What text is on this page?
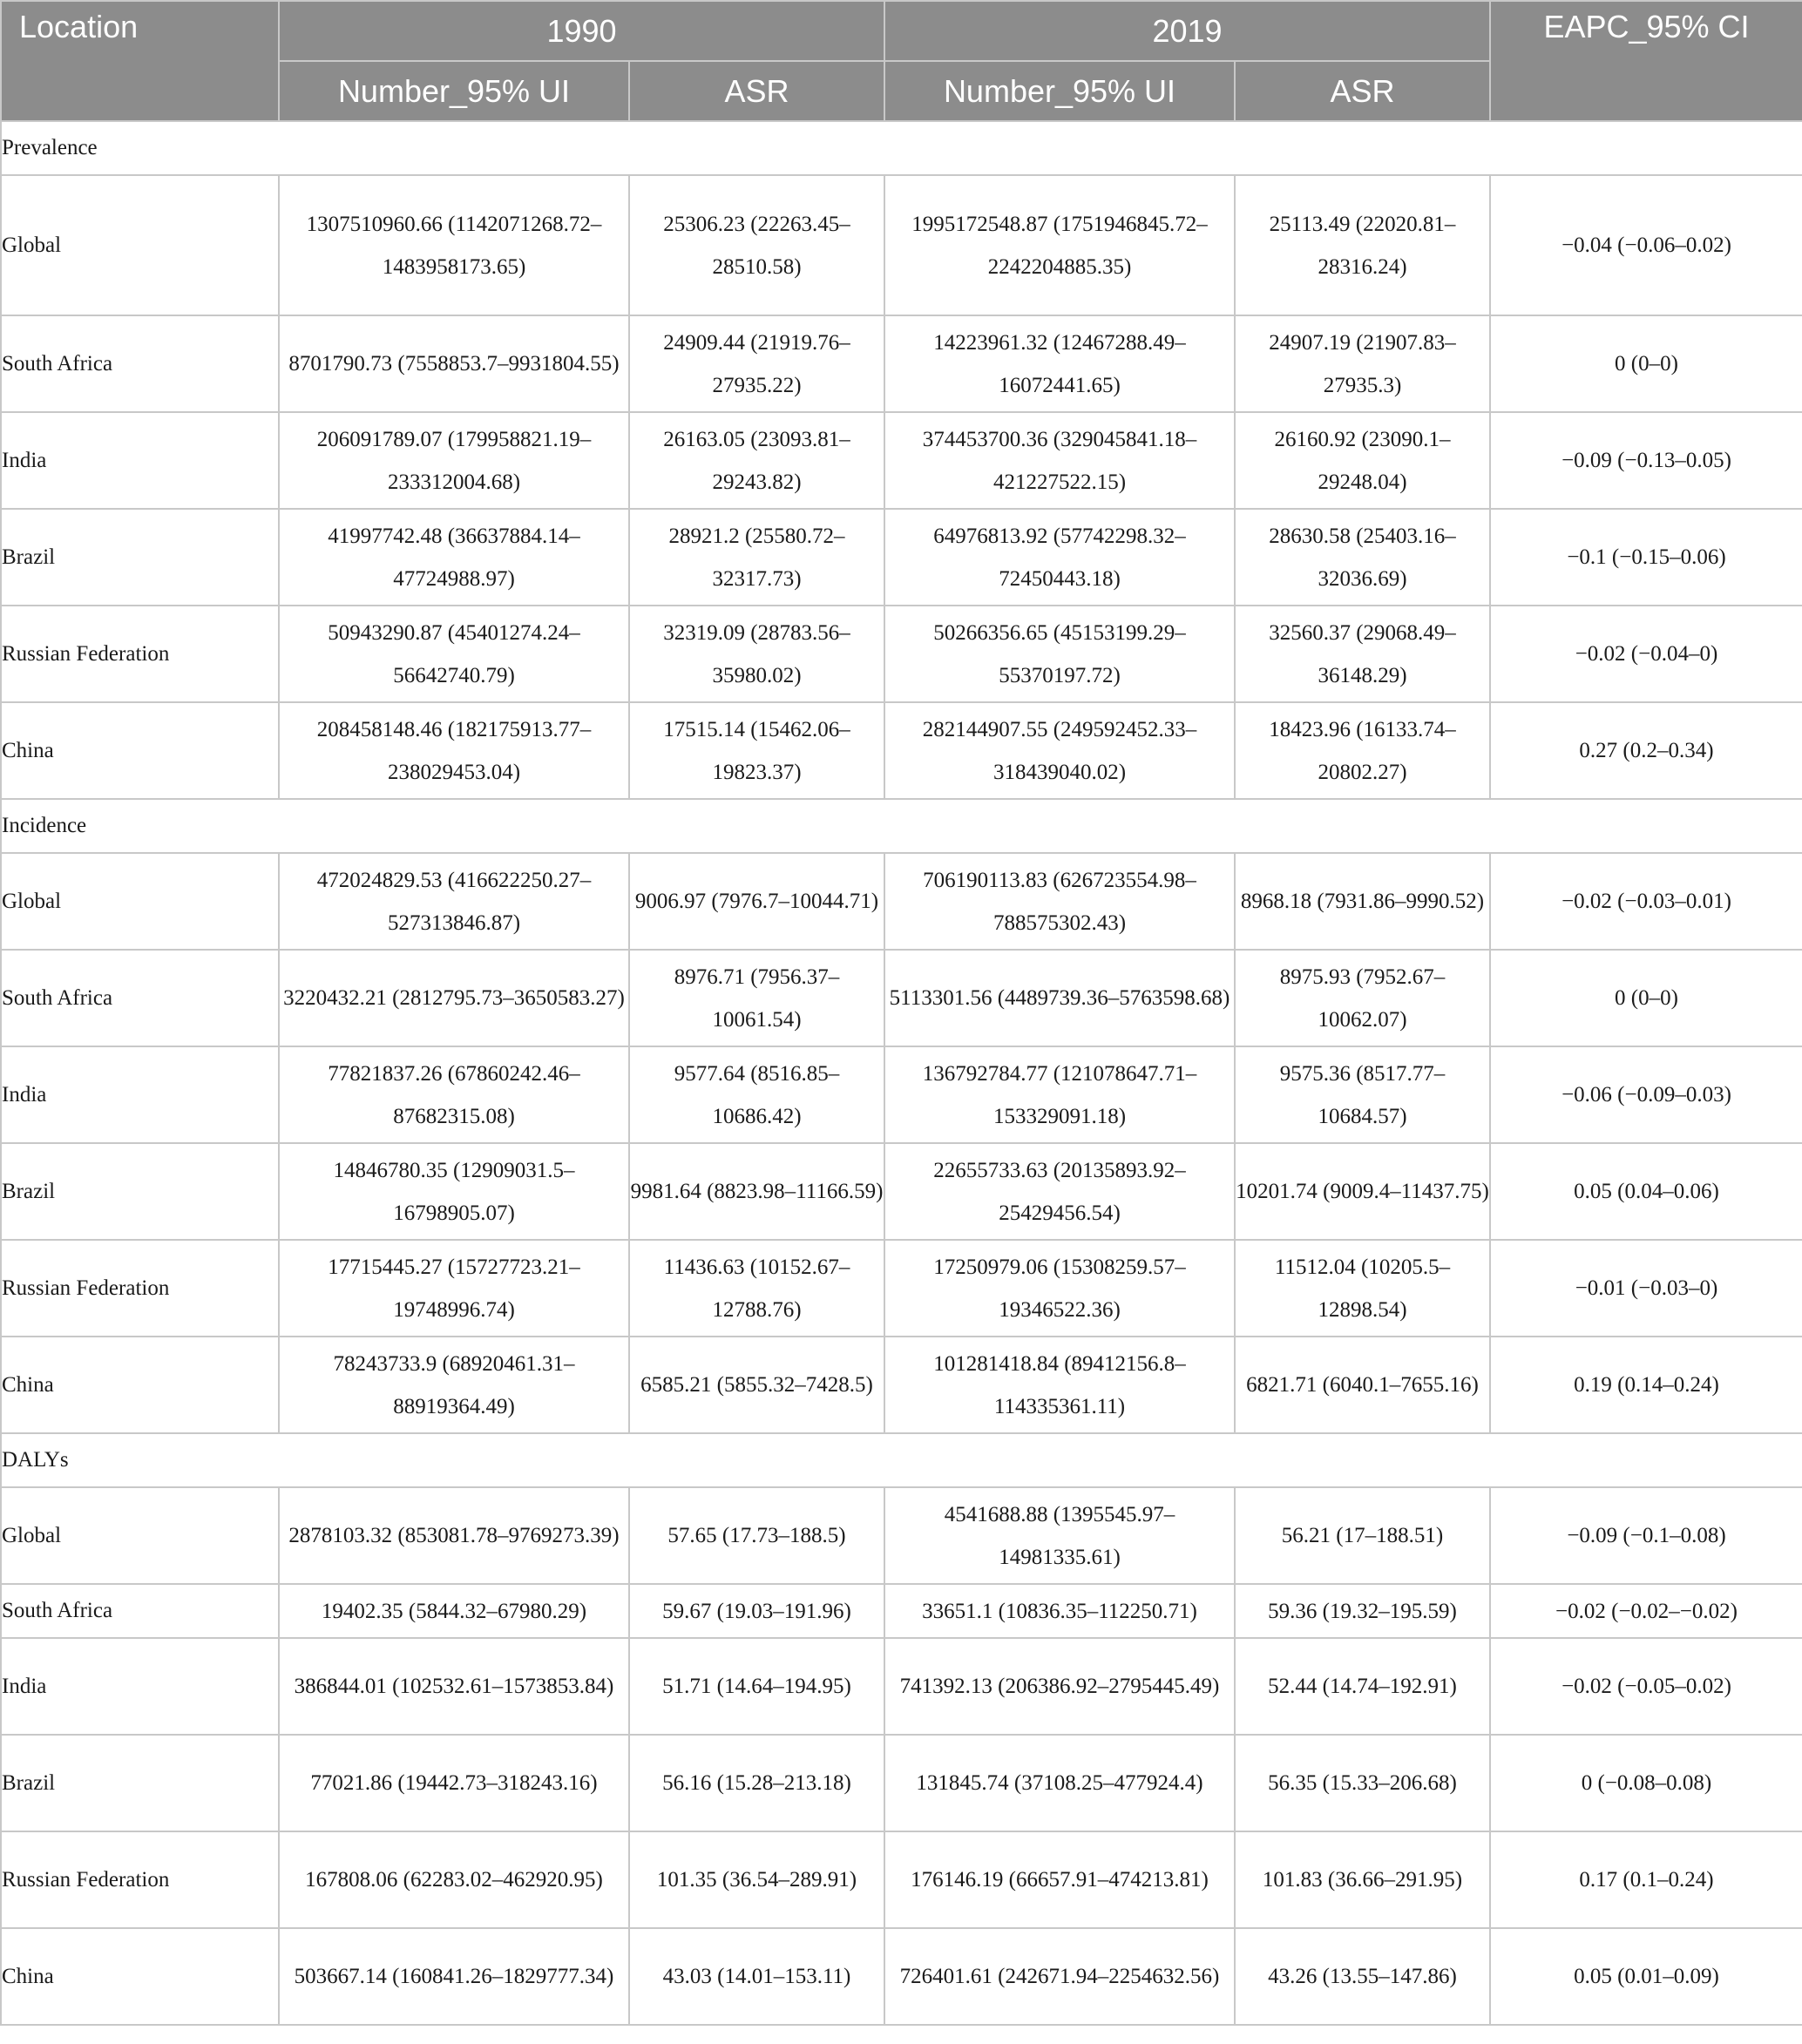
Location	1990		2019		EAPC_95% CI
	Number_95% UI	ASR	Number_95% UI	ASR	
Prevalence					
Global	1307510960.66 (1142071268.72–1483958173.65)	25306.23 (22263.45–28510.58)	1995172548.87 (1751946845.72–2242204885.35)	25113.49 (22020.81–28316.24)	−0.04 (−0.06–0.02)
South Africa	8701790.73 (7558853.7–9931804.55)	24909.44 (21919.76–27935.22)	14223961.32 (12467288.49–16072441.65)	24907.19 (21907.83–27935.3)	0 (0–0)
India	206091789.07 (179958821.19–233312004.68)	26163.05 (23093.81–29243.82)	374453700.36 (329045841.18–421227522.15)	26160.92 (23090.1–29248.04)	−0.09 (−0.13–0.05)
Brazil	41997742.48 (36637884.14–47724988.97)	28921.2 (25580.72–32317.73)	64976813.92 (57742298.32–72450443.18)	28630.58 (25403.16–32036.69)	−0.1 (−0.15–0.06)
Russian Federation	50943290.87 (45401274.24–56642740.79)	32319.09 (28783.56–35980.02)	50266356.65 (45153199.29–55370197.72)	32560.37 (29068.49–36148.29)	−0.02 (−0.04–0)
China	208458148.46 (182175913.77–238029453.04)	17515.14 (15462.06–19823.37)	282144907.55 (249592452.33–318439040.02)	18423.96 (16133.74–20802.27)	0.27 (0.2–0.34)
Incidence					
Global	472024829.53 (416622250.27–527313846.87)	9006.97 (7976.7–10044.71)	706190113.83 (626723554.98–788575302.43)	8968.18 (7931.86–9990.52)	−0.02 (−0.03–0.01)
South Africa	3220432.21 (2812795.73–3650583.27)	8976.71 (7956.37–10061.54)	5113301.56 (4489739.36–5763598.68)	8975.93 (7952.67–10062.07)	0 (0–0)
India	77821837.26 (67860242.46–87682315.08)	9577.64 (8516.85–10686.42)	136792784.77 (121078647.71–153329091.18)	9575.36 (8517.77–10684.57)	−0.06 (−0.09–0.03)
Brazil	14846780.35 (12909031.5–16798905.07)	9981.64 (8823.98–11166.59)	22655733.63 (20135893.92–25429456.54)	10201.74 (9009.4–11437.75)	0.05 (0.04–0.06)
Russian Federation	17715445.27 (15727723.21–19748996.74)	11436.63 (10152.67–12788.76)	17250979.06 (15308259.57–19346522.36)	11512.04 (10205.5–12898.54)	−0.01 (−0.03–0)
China	78243733.9 (68920461.31–88919364.49)	6585.21 (5855.32–7428.5)	101281418.84 (89412156.8–114335361.11)	6821.71 (6040.1–7655.16)	0.19 (0.14–0.24)
DALYs					
Global	2878103.32 (853081.78–9769273.39)	57.65 (17.73–188.5)	4541688.88 (1395545.97–14981335.61)	56.21 (17–188.51)	−0.09 (−0.1–0.08)
South Africa	19402.35 (5844.32–67980.29)	59.67 (19.03–191.96)	33651.1 (10836.35–112250.71)	59.36 (19.32–195.59)	−0.02 (−0.02–−0.02)
India	386844.01 (102532.61–1573853.84)	51.71 (14.64–194.95)	741392.13 (206386.92–2795445.49)	52.44 (14.74–192.91)	−0.02 (−0.05–0.02)
Brazil	77021.86 (19442.73–318243.16)	56.16 (15.28–213.18)	131845.74 (37108.25–477924.4)	56.35 (15.33–206.68)	0 (−0.08–0.08)
Russian Federation	167808.06 (62283.02–462920.95)	101.35 (36.54–289.91)	176146.19 (66657.91–474213.81)	101.83 (36.66–291.95)	0.17 (0.1–0.24)
China	503667.14 (160841.26–1829777.34)	43.03 (14.01–153.11)	726401.61 (242671.94–2254632.56)	43.26 (13.55–147.86)	0.05 (0.01–0.09)
